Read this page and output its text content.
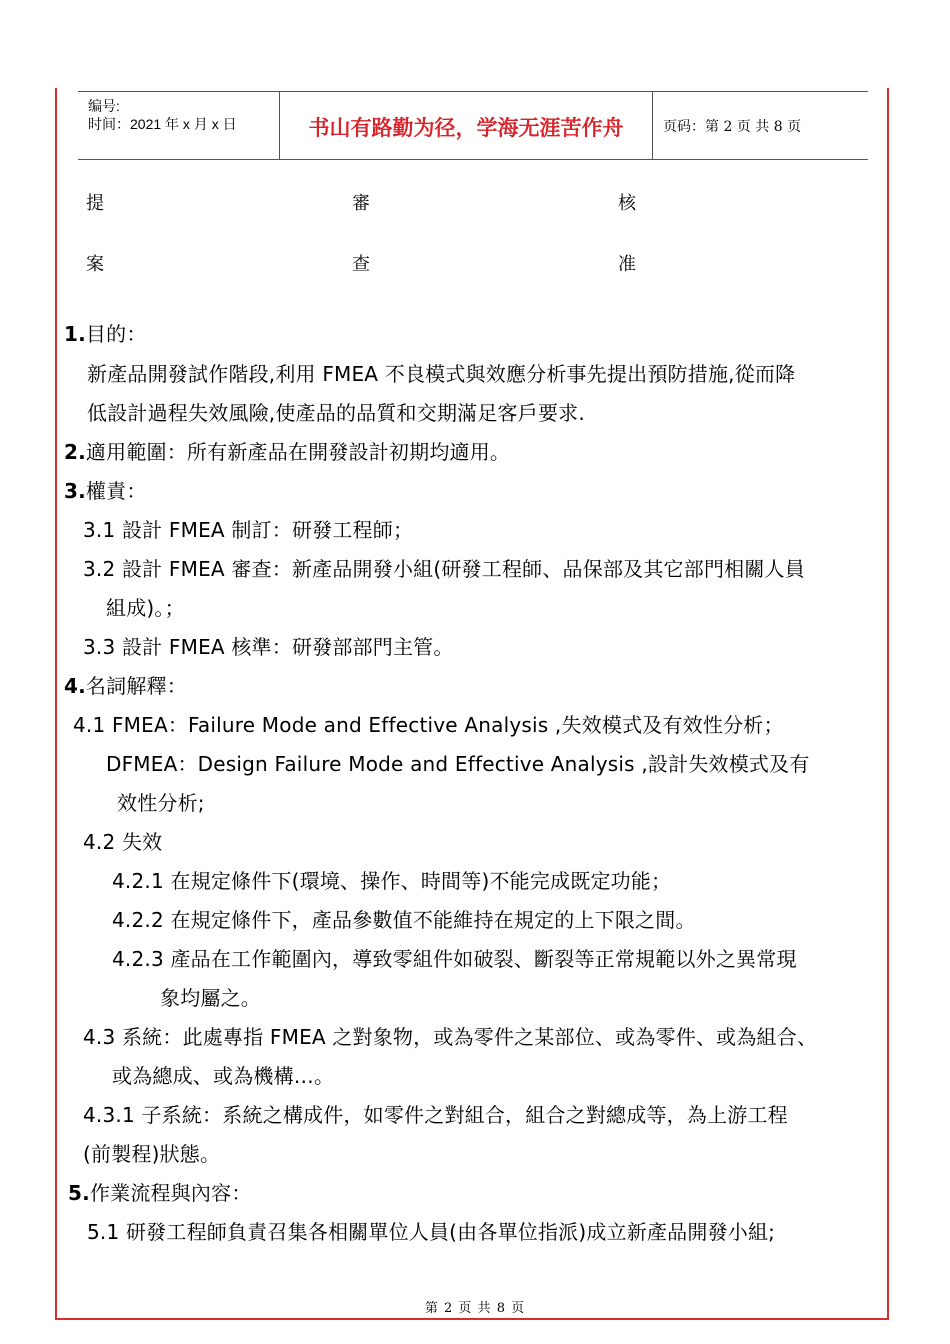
编号:
时间：2021 年 x 月 x 日	书山有路勤为径，学海无涯苦作舟	页码：第 2 页 共 8 页
提
案
審
查
核
准
1.目的：
新產品開發試作階段,利用 FMEA 不良模式與效應分析事先提出預防措施,從而降
低設計過程失效風險,使產品的品質和交期滿足客戶要求.
2.適用範圍：所有新產品在開發設計初期均適用。
3.權責：
3.1 設計 FMEA 制訂：研發工程師；
3.2 設計 FMEA 審查：新產品開發小組(研發工程師、品保部及其它部門相關人員
組成)。；
3.3 設計 FMEA 核準：研發部部門主管。
4.名詞解釋：
4.1 FMEA：Failure Mode and Effective Analysis ,失效模式及有效性分析；
DFMEA：Design Failure Mode and Effective Analysis ,設計失效模式及有
效性分析;
4.2 失效
4.2.1 在規定條件下(環境、操作、時間等)不能完成既定功能；
4.2.2 在規定條件下，產品參數值不能維持在規定的上下限之間。
4.2.3 產品在工作範圍內，導致零組件如破裂、斷裂等正常規範以外之異常現
象均屬之。
4.3 系統：此處專指 FMEA 之對象物，或為零件之某部位、或為零件、或為組合、
或為總成、或為機構…。
4.3.1 子系統：系統之構成件，如零件之對組合，組合之對總成等，為上游工程
(前製程)狀態。
5.作業流程與內容：
5.1 研發工程師負責召集各相關單位人員(由各單位指派)成立新產品開發小組;
第 2 页 共 8 页
